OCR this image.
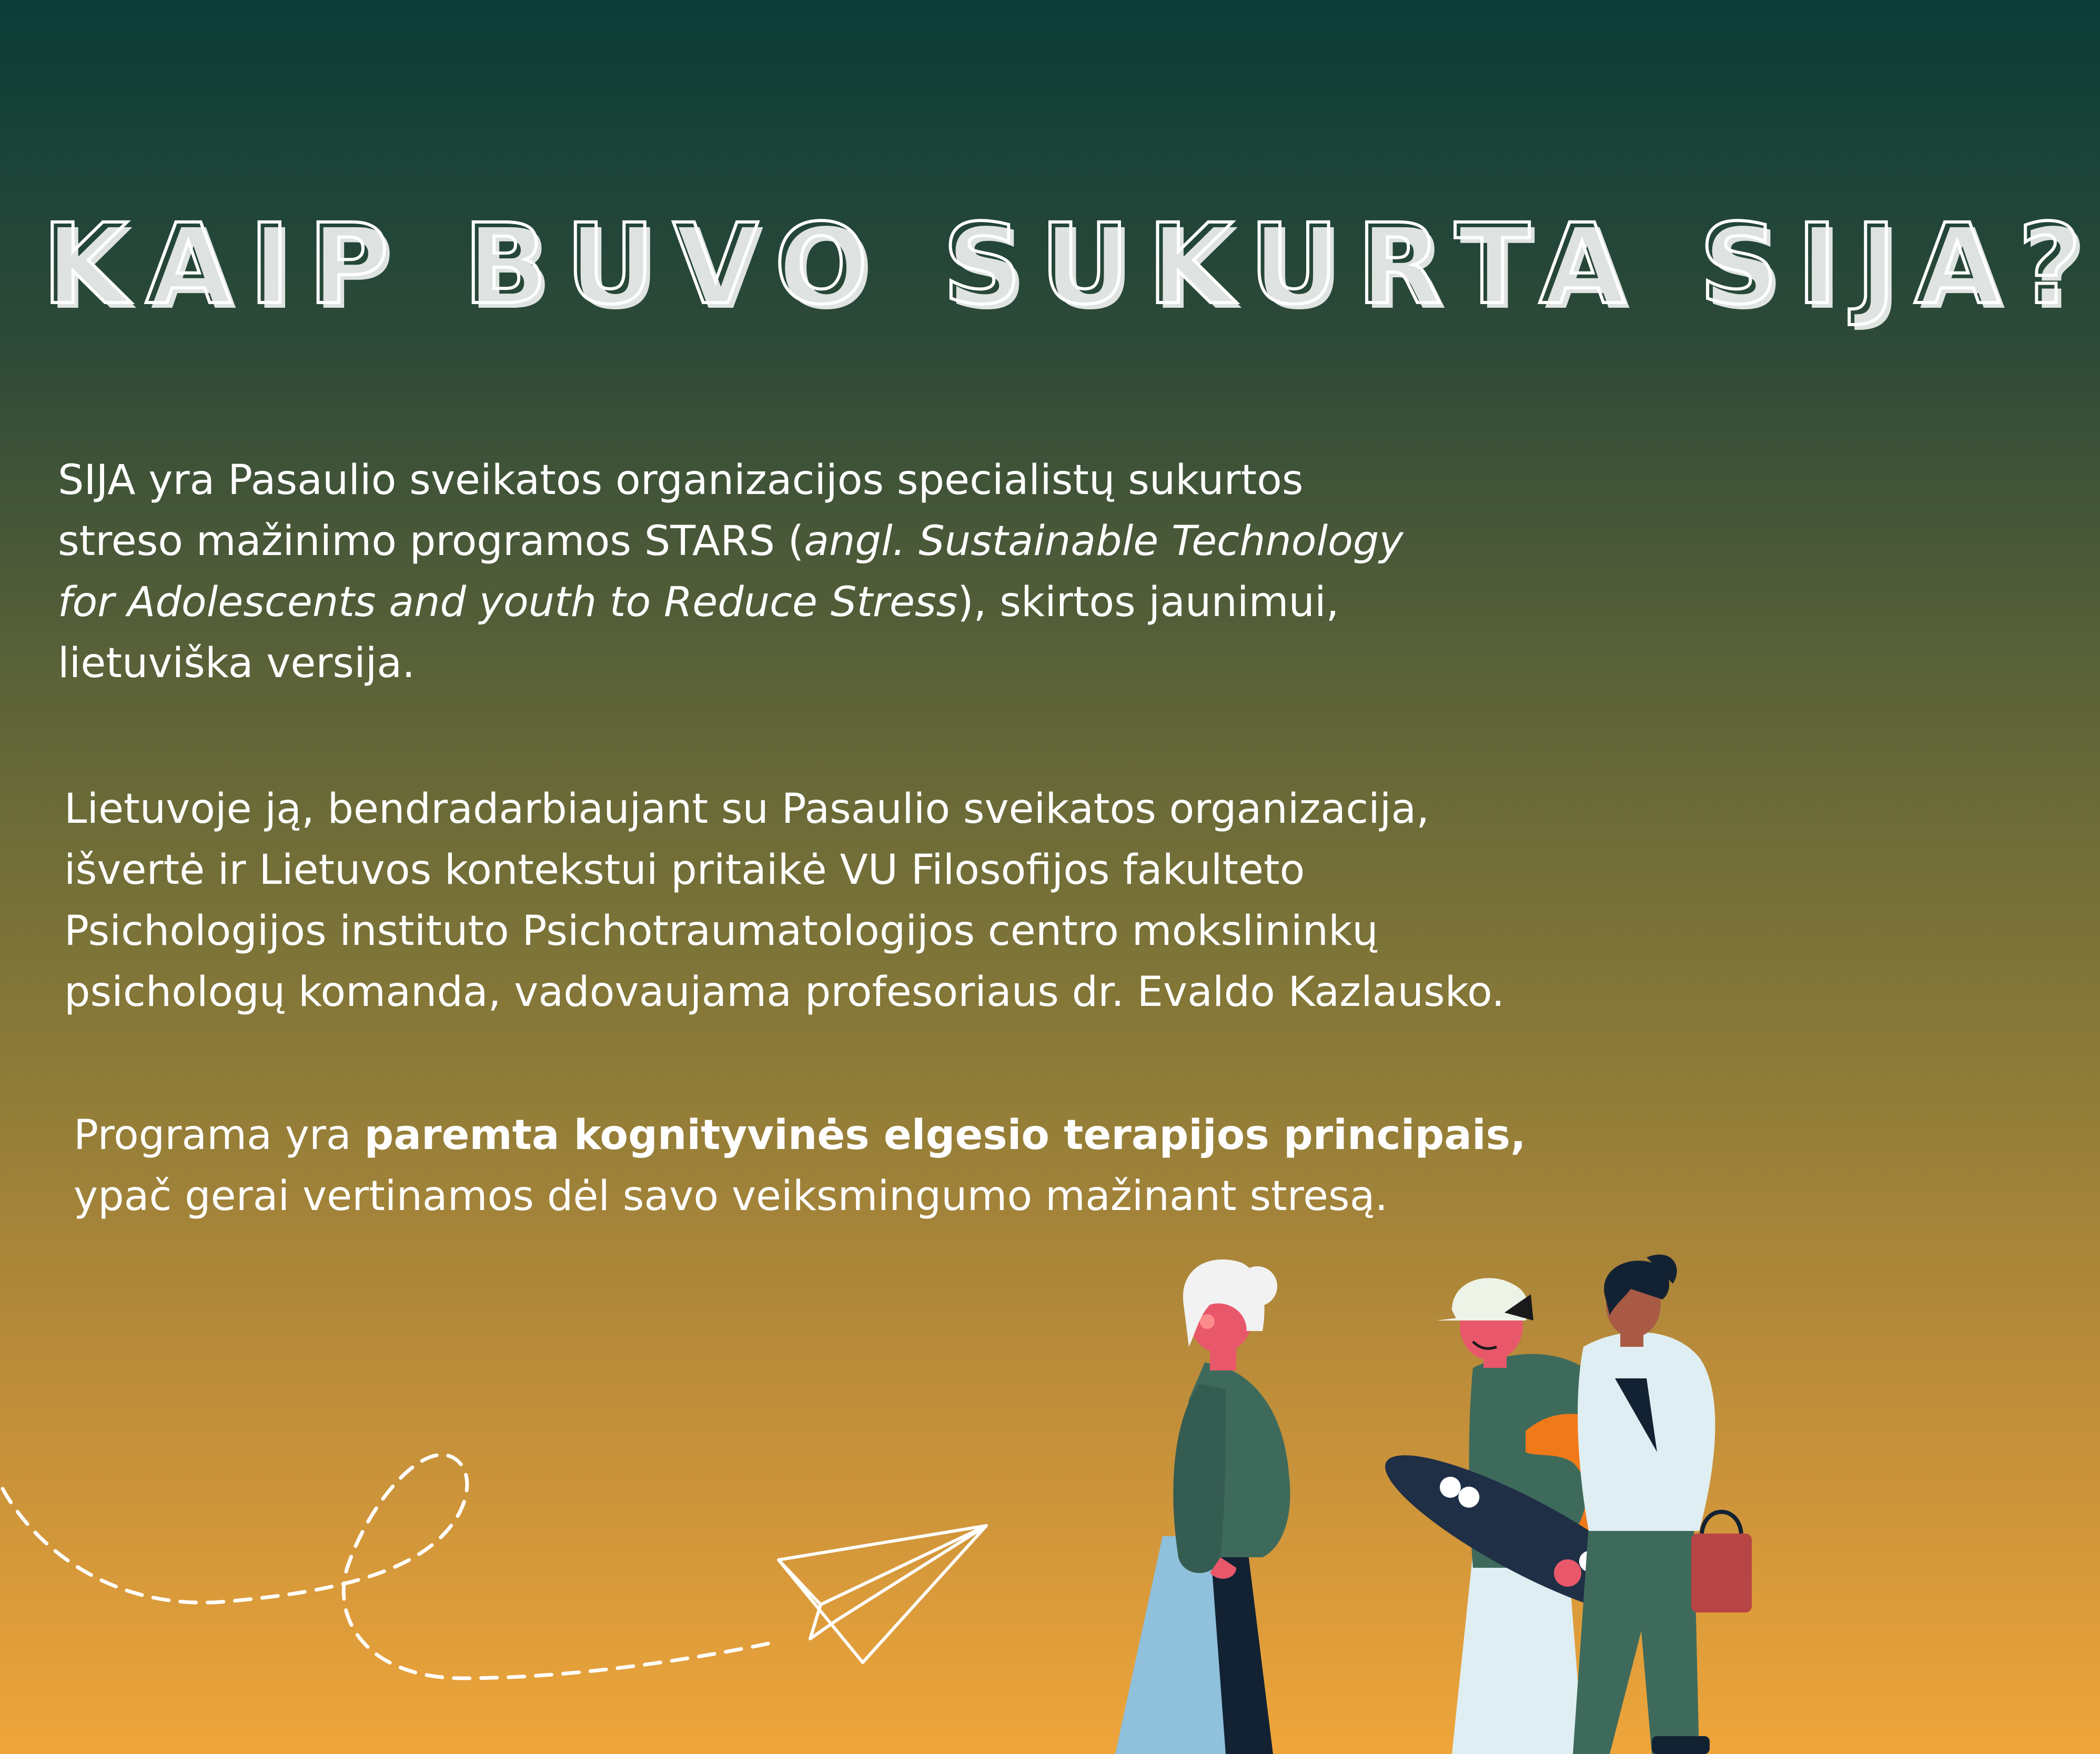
KAIP BUVO SUKURTA SIJA?
SIJA yra Pasaulio sveikatos organizacijos specialistų sukurtos
streso mažinimo programos STARS (angl. Sustainable Technology
for Adolescents and youth to Reduce Stress), skirtos jaunimui,
lietuviška versija.
Lietuvoje ją, bendradarbiaujant su Pasaulio sveikatos organizacija,
išvertė ir Lietuvos kontekstui pritaikė VU Filosofijos fakulteto
Psichologijos instituto Psichotraumatologijos centro mokslininkų
psichologų komanda, vadovaujama profesoriaus dr. Evaldo Kazlausko.
Programa yra paremta kognityvinės elgesio terapijos principais,
ypač gerai vertinamos dėl savo veiksmingumo mažinant stresą.
